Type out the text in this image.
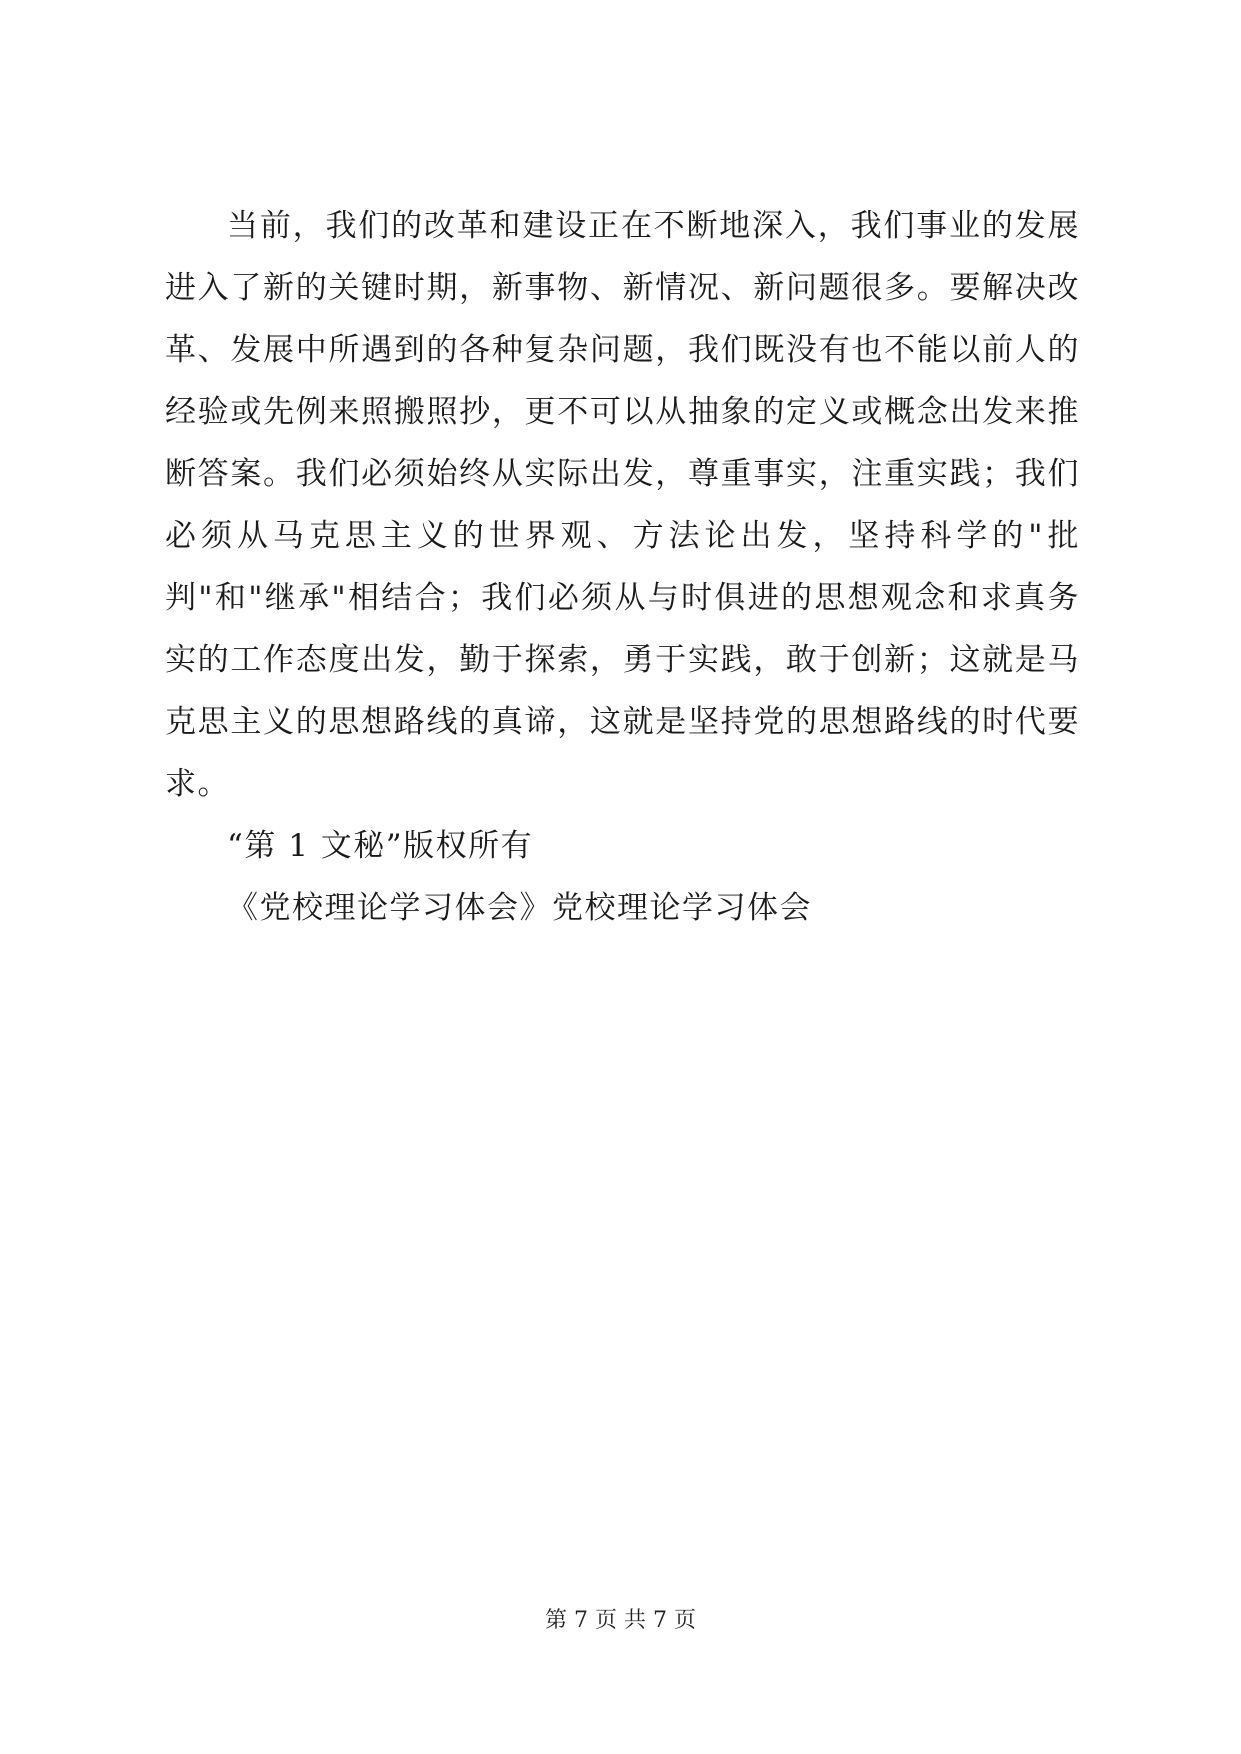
当前，我们的改革和建设正在不断地深入，我们事业的发展进入了新的关键时期，新事物、新情况、新问题很多。要解决改革、发展中所遇到的各种复杂问题，我们既没有也不能以前人的经验或先例来照搬照抄，更不可以从抽象的定义或概念出发来推断答案。我们必须始终从实际出发，尊重事实，注重实践；我们必须从马克思主义的世界观、方法论出发，坚持科学的"批判"和"继承"相结合；我们必须从与时俱进的思想观念和求真务实的工作态度出发，勤于探索，勇于实践，敢于创新；这就是马克思主义的思想路线的真谛，这就是坚持党的思想路线的时代要求。

“第 1 文秘”版权所有

《党校理论学习体会》党校理论学习体会

第 7 页 共 7 页
